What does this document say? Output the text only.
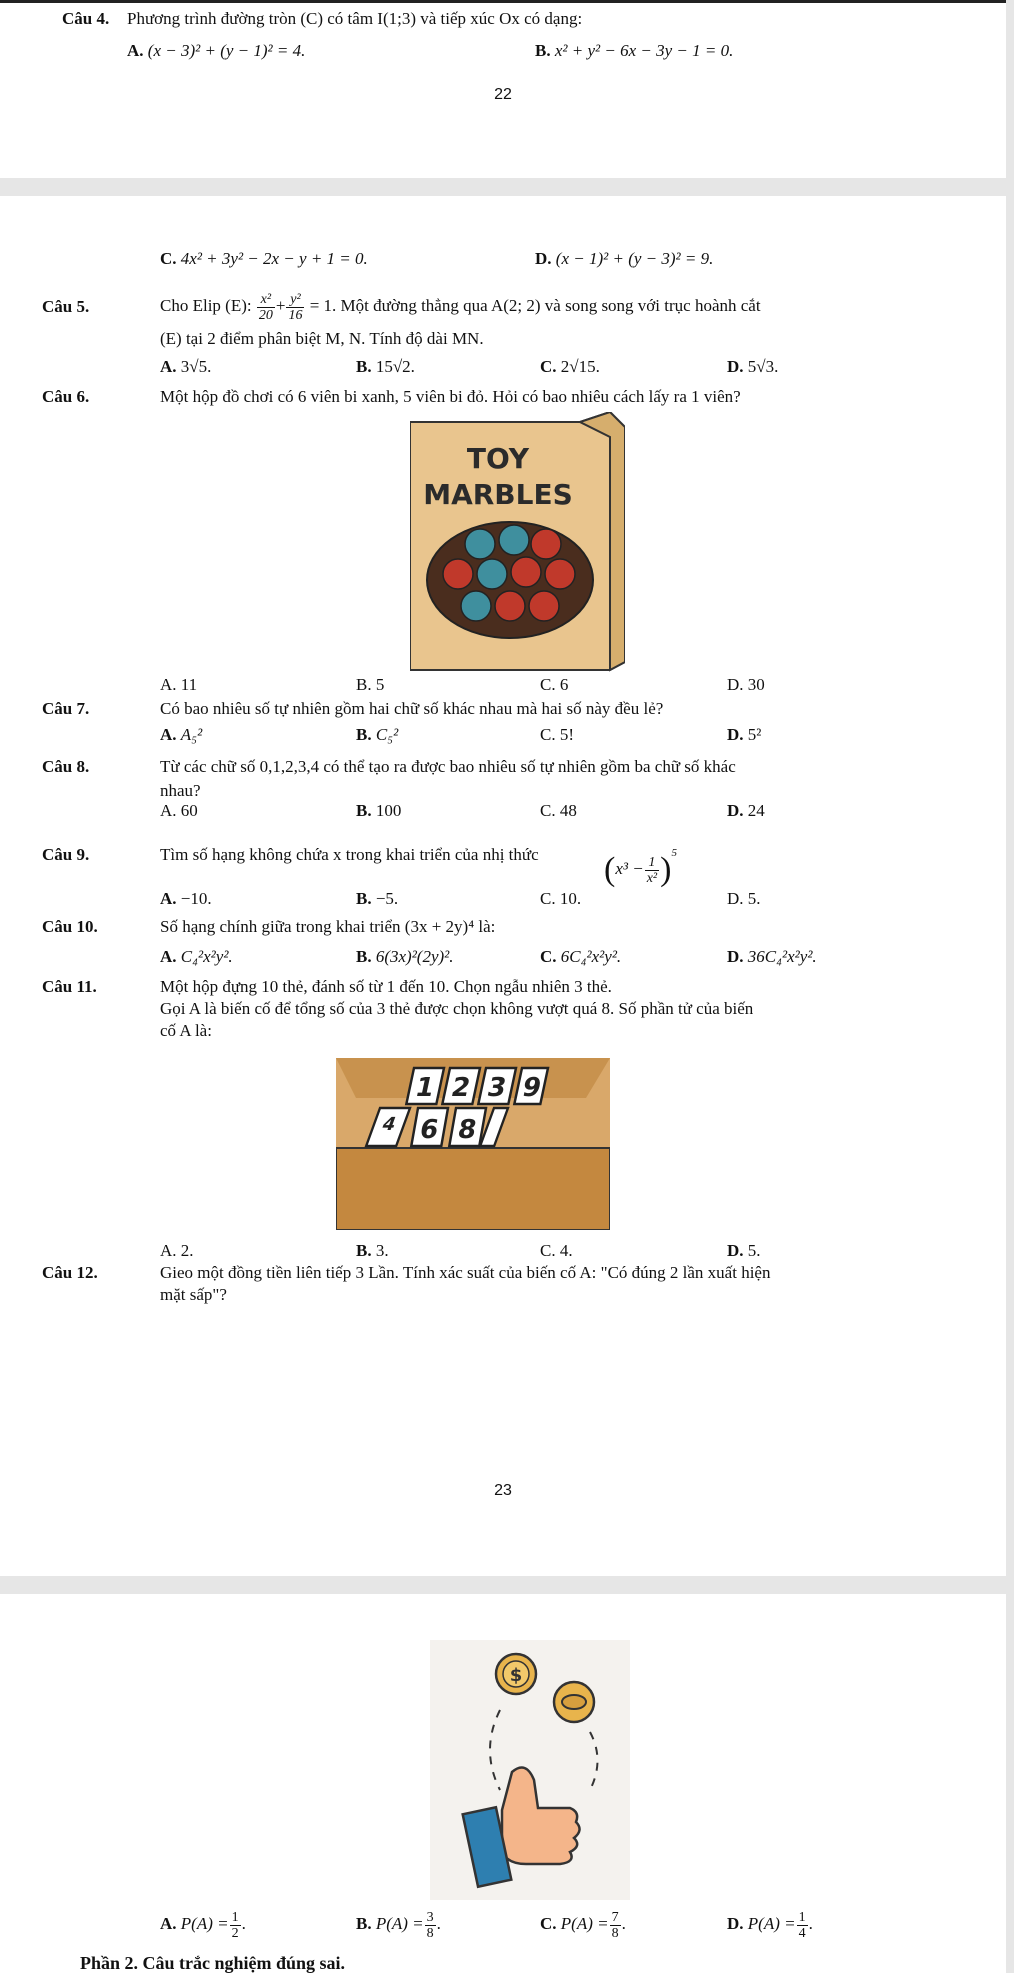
Câu 4. Phương trình đường tròn (C) có tâm I(1;3) và tiếp xúc Ox có dạng:
A. (x − 3)² + (y − 1)² = 4.	B. x² + y² − 6x − 3y − 1 = 0.
22
C. 4x² + 3y² − 2x − y + 1 = 0.	D. (x − 1)² + (y − 3)² = 9.
Câu 5.	Cho Elip (E): $\frac{\text{x²}}{20} + \frac{\text{y²}}{16} = 1$. Một đường thẳng qua A(2; 2) và song song với trục hoành cắt
(E) tại 2 điểm phân biệt M, N. Tính độ dài MN.
A. 3√5.	B. 15√2.	C. 2√15.	D. 5√3.
Câu 6.	Một hộp đồ chơi có 6 viên bi xanh, 5 viên bi đỏ. Hỏi có bao nhiêu cách lấy ra 1 viên?
TOY
MARBLES
A. 11	B. 5	C. 6	D. 30
Câu 7.	Có bao nhiêu số tự nhiên gồm hai chữ số khác nhau mà hai số này đều lẻ?
A. A₅²	B. C₅²	C. 5!	D. 5²
Câu 8.	Từ các chữ số 0,1,2,3,4 có thể tạo ra được bao nhiêu số tự nhiên gồm ba chữ số khác
nhau?
A. 60	B. 100	C. 48	D. 24
Câu 9.	Tìm số hạng không chứa x trong khai triển của nhị thức $(x^3 - \frac{1}{\text{x²}} )^5$
A. −10.	B. −5.	C. 10.	D. 5.
Câu 10.	Số hạng chính giữa trong khai triển (3x + 2y)⁴ là:
A. C₄²x²y².	B. 6(3x)²(2y)².	C. 6C₄²x²y².	D. 36C₄²x²y².
Câu 11.	Một hộp đựng 10 thẻ, đánh số từ 1 đến 10. Chọn ngẫu nhiên 3 thẻ.
Gọi A là biến cố để tổng số của 3 thẻ được chọn không vượt quá 8. Số phần tử của biến
cố A là:
1 2 3 9
4 6 8
A. 2.	B. 3.	C. 4.	D. 5.
Câu 12.	Gieo một đồng tiền liên tiếp 3 Lần. Tính xác suất của biến cố A: "Có đúng 2 lần xuất hiện
mặt sấp"?
23
$
A. $P(A) = \frac{1}{2}$ .	B. $P(A) = \frac{3}{8}$ .	C. $P(A) = \frac{7}{8}$ .	D. $P(A) = \frac{1}{4}$ .
Phần 2. Câu trắc nghiệm đúng sai.
